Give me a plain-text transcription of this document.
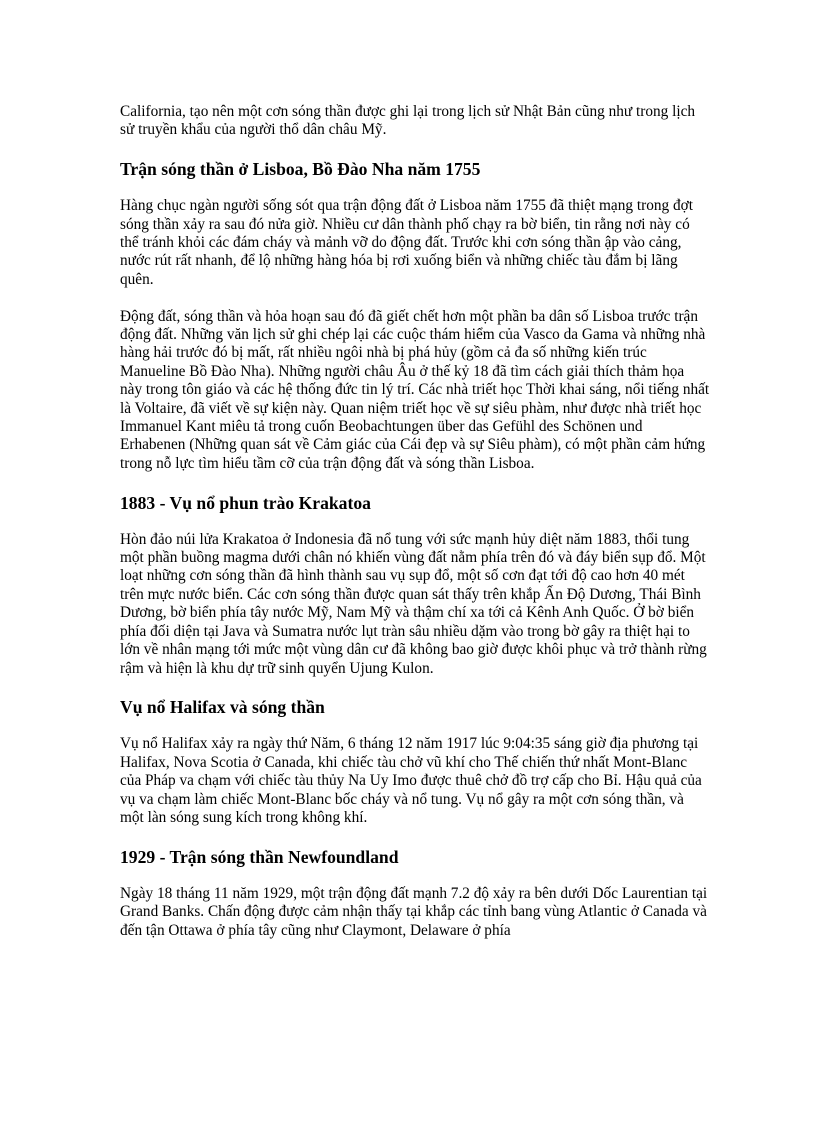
California, tạo nên một cơn sóng thần được ghi lại trong lịch sử Nhật Bản cũng như trong lịch sử truyền khẩu của người thổ dân châu Mỹ.

Trận sóng thần ở Lisboa, Bồ Đào Nha năm 1755

Hàng chục ngàn người sống sót qua trận động đất ở Lisboa năm 1755 đã thiệt mạng trong đợt sóng thần xảy ra sau đó nửa giờ. Nhiều cư dân thành phố chạy ra bờ biển, tin rằng nơi này có thể tránh khỏi các đám cháy và mảnh vỡ do động đất. Trước khi cơn sóng thần ập vào cảng, nước rút rất nhanh, để lộ những hàng hóa bị rơi xuống biển và những chiếc tàu đắm bị lãng quên.

Động đất, sóng thần và hỏa hoạn sau đó đã giết chết hơn một phần ba dân số Lisboa trước trận động đất. Những văn lịch sử ghi chép lại các cuộc thám hiểm của Vasco da Gama và những nhà hàng hải trước đó bị mất, rất nhiều ngôi nhà bị phá hủy (gồm cả đa số những kiến trúc Manueline Bồ Đào Nha). Những người châu Âu ở thế kỷ 18 đã tìm cách giải thích thảm họa này trong tôn giáo và các hệ thống đức tin lý trí. Các nhà triết học Thời khai sáng, nổi tiếng nhất là Voltaire, đã viết về sự kiện này. Quan niệm triết học về sự siêu phàm, như được nhà triết học Immanuel Kant miêu tả trong cuốn Beobachtungen über das Gefühl des Schönen und Erhabenen (Những quan sát về Cảm giác của Cái đẹp và sự Siêu phàm), có một phần cảm hứng trong nỗ lực tìm hiểu tầm cỡ của trận động đất và sóng thần Lisboa.

1883 - Vụ nổ phun trào Krakatoa

Hòn đảo núi lửa Krakatoa ở Indonesia đã nổ tung với sức mạnh hủy diệt năm 1883, thổi tung một phần buồng magma dưới chân nó khiến vùng đất nằm phía trên đó và đáy biển sụp đổ. Một loạt những cơn sóng thần đã hình thành sau vụ sụp đổ, một số cơn đạt tới độ cao hơn 40 mét trên mực nước biển. Các cơn sóng thần được quan sát thấy trên khắp Ấn Độ Dương, Thái Bình Dương, bờ biển phía tây nước Mỹ, Nam Mỹ và thậm chí xa tới cả Kênh Anh Quốc. Ở bờ biển phía đối diện tại Java và Sumatra nước lụt tràn sâu nhiều dặm vào trong bờ gây ra thiệt hại to lớn về nhân mạng tới mức một vùng dân cư đã không bao giờ được khôi phục và trở thành rừng rậm và hiện là khu dự trữ sinh quyển Ujung Kulon.

Vụ nổ Halifax và sóng thần

Vụ nổ Halifax xảy ra ngày thứ Năm, 6 tháng 12 năm 1917 lúc 9:04:35 sáng giờ địa phương tại Halifax, Nova Scotia ở Canada, khi chiếc tàu chở vũ khí cho Thế chiến thứ nhất Mont-Blanc của Pháp va chạm với chiếc tàu thủy Na Uy Imo được thuê chở đồ trợ cấp cho Bỉ. Hậu quả của vụ va chạm làm chiếc Mont-Blanc bốc cháy và nổ tung. Vụ nổ gây ra một cơn sóng thần, và một làn sóng sung kích trong không khí.

1929 - Trận sóng thần Newfoundland

Ngày 18 tháng 11 năm 1929, một trận động đất mạnh 7.2 độ xảy ra bên dưới Dốc Laurentian tại Grand Banks. Chấn động được cảm nhận thấy tại khắp các tỉnh bang vùng Atlantic ở Canada và đến tận Ottawa ở phía tây cũng như Claymont, Delaware ở phía
